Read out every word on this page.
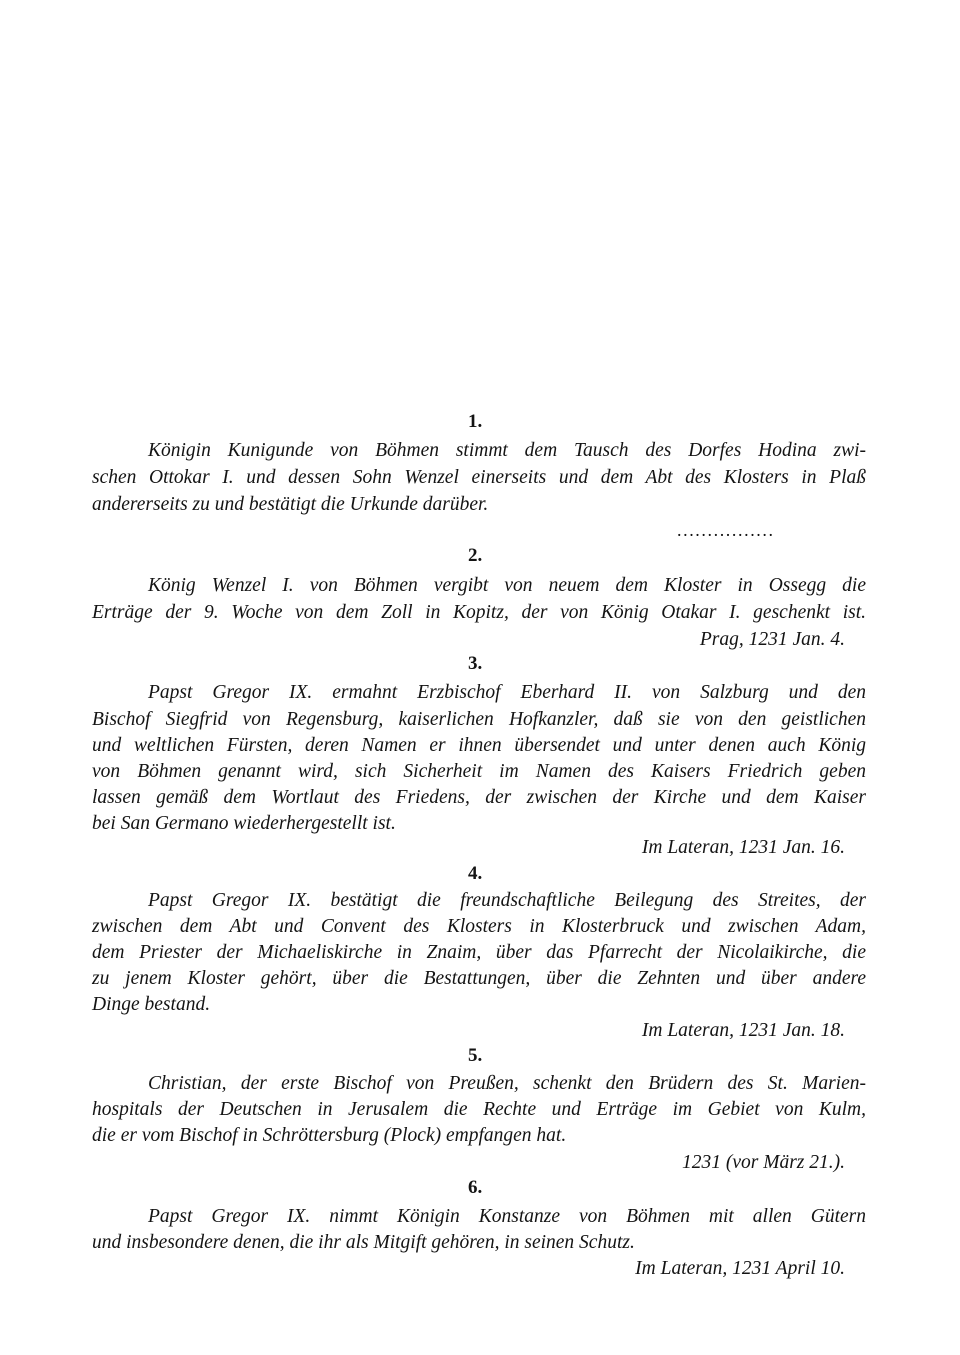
1.
Königin Kunigunde von Böhmen stimmt dem Tausch des Dorfes Hodina zwi-
schen Ottokar I. und dessen Sohn Wenzel einerseits und dem Abt des Klosters in Plaß
andererseits zu und bestätigt die Urkunde darüber.
................
2.
König Wenzel I. von Böhmen vergibt von neuem dem Kloster in Ossegg die
Erträge der 9. Woche von dem Zoll in Kopitz, der von König Otakar I. geschenkt ist.
Prag, 1231 Jan. 4.
3.
Papst Gregor IX. ermahnt Erzbischof Eberhard II. von Salzburg und den
Bischof Siegfrid von Regensburg, kaiserlichen Hofkanzler, daß sie von den geistlichen
und weltlichen Fürsten, deren Namen er ihnen übersendet und unter denen auch König
von Böhmen genannt wird, sich Sicherheit im Namen des Kaisers Friedrich geben
lassen gemäß dem Wortlaut des Friedens, der zwischen der Kirche und dem Kaiser
bei San Germano wiederhergestellt ist.
Im Lateran, 1231 Jan. 16.
4.
Papst Gregor IX. bestätigt die freundschaftliche Beilegung des Streites, der
zwischen dem Abt und Convent des Klosters in Klosterbruck und zwischen Adam,
dem Priester der Michaeliskirche in Znaim, über das Pfarrecht der Nicolaikirche, die
zu jenem Kloster gehört, über die Bestattungen, über die Zehnten und über andere
Dinge bestand.
Im Lateran, 1231 Jan. 18.
5.
Christian, der erste Bischof von Preußen, schenkt den Brüdern des St. Marien-
hospitals der Deutschen in Jerusalem die Rechte und Erträge im Gebiet von Kulm,
die er vom Bischof in Schröttersburg (Plock) empfangen hat.
1231 (vor März 21.).
6.
Papst Gregor IX. nimmt Königin Konstanze von Böhmen mit allen Gütern
und insbesondere denen, die ihr als Mitgift gehören, in seinen Schutz.
Im Lateran, 1231 April 10.
